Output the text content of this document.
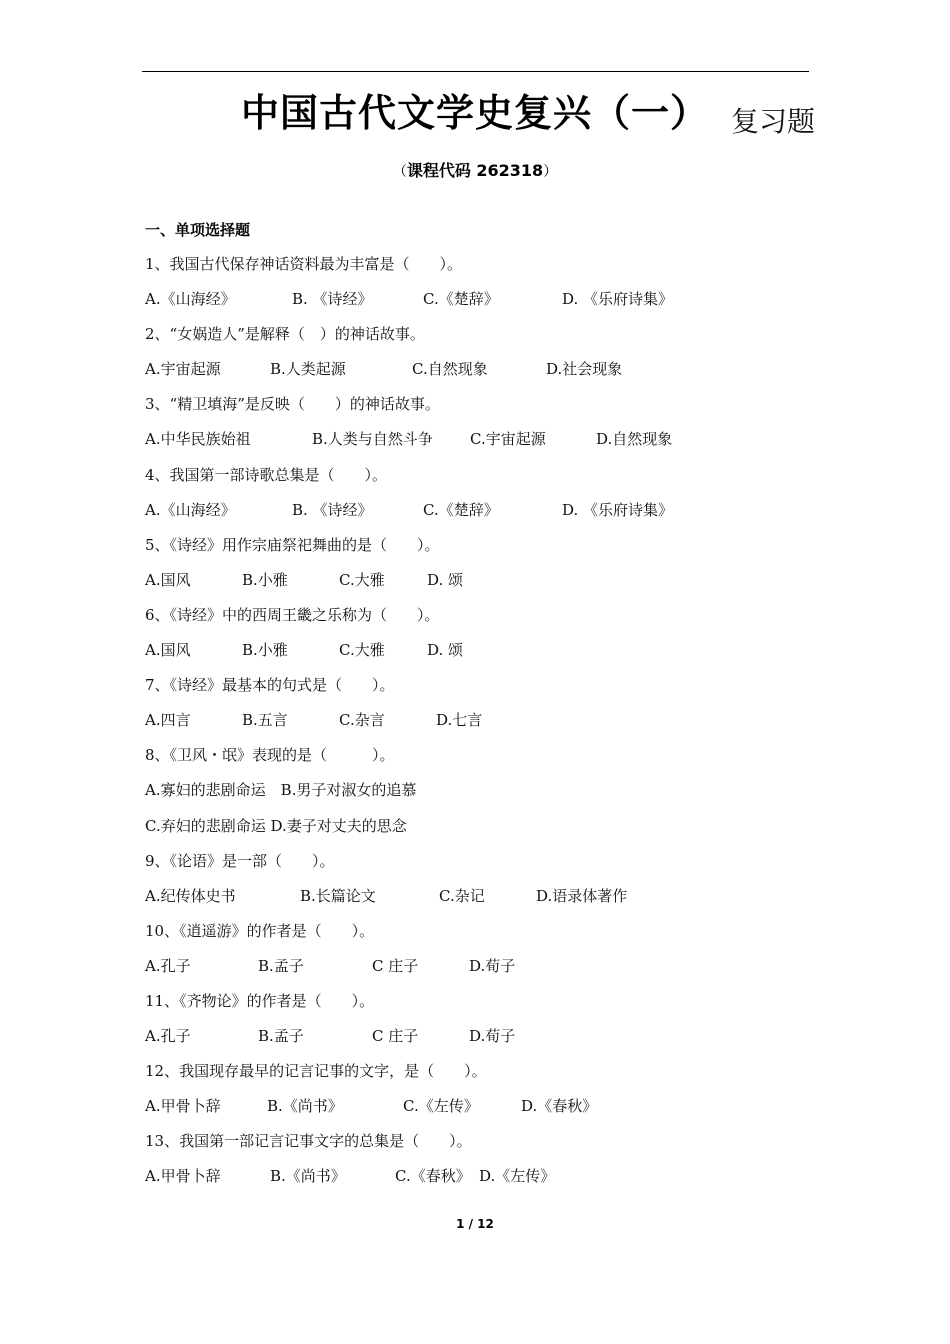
中国古代文学史复兴（一） 复习题
（课程代码 262318）
一、单项选择题
1、我国古代保存神话资料最为丰富是（　　）。
A.《山海经》	B. 《诗经》	C.《楚辞》	D. 《乐府诗集》
2、“女娲造人”是解释（　）的神话故事。
A.宇宙起源	B.人类起源	C.自然现象	D.社会现象
3、“精卫填海”是反映（　　）的神话故事。
A.中华民族始祖	B.人类与自然斗争 C.宇宙起源	D.自然现象
4、我国第一部诗歌总集是（　　）。
A.《山海经》	B. 《诗经》	C.《楚辞》	D. 《乐府诗集》
5、《诗经》用作宗庙祭祀舞曲的是（　　）。
A.国风	B.小雅	C.大雅	D. 颂
6、《诗经》中的西周王畿之乐称为（　　）。
A.国风	B.小雅	C.大雅	D. 颂
7、《诗经》最基本的句式是（　　）。
A.四言	B.五言	C.杂言	D.七言
8、《卫风・氓》表现的是（　　　）。
A.寡妇的悲剧命运　B.男子对淑女的追慕
C.弃妇的悲剧命运 D.妻子对丈夫的思念
9、《论语》是一部（　　）。
A.纪传体史书	B.长篇论文	C.杂记	D.语录体著作
10、《逍遥游》的作者是（　　）。
A.孔子	B.孟子	C 庄子	D.荀子
11、《齐物论》的作者是（　　）。
A.孔子	B.孟子	C 庄子	D.荀子
12、我国现存最早的记言记事的文字，是（　　）。
A.甲骨卜辞	B.《尚书》	C.《左传》	D.《春秋》
13、我国第一部记言记事文字的总集是（　　）。
A.甲骨卜辞	B.《尚书》	C.《春秋》 D.《左传》
1 / 12
